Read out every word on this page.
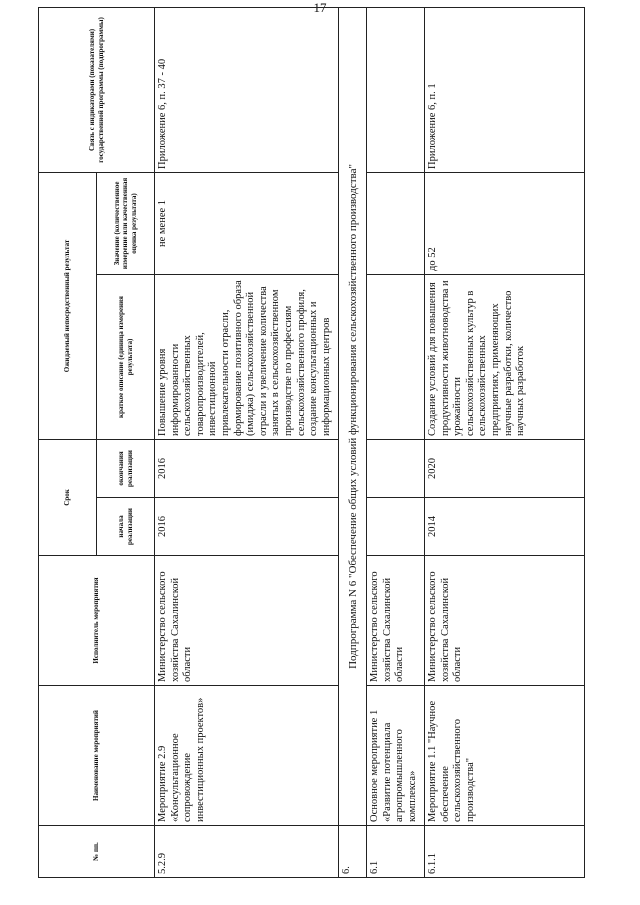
17
№ пп.	Наименование мероприятий	Исполнитель мероприятия	Срок		Ожидаемый непосредственный результат		Связь с индикаторами (показателями) государственной программы (подпрограммы)
			начала реализации	окончания реализации	краткое описание (единица измерения результата)	Значение (количественное измерение или качественная оценка результата)	
5.2.9	Мероприятие 2.9 «Консультационное сопровождение инвестиционных проектов»	Министерство сельского хозяйства Сахалинской области	2016	2016	Повышение уровня информированности сельскохозяйственных товаропроизводителей, инвестиционной привлекательности отрасли, формирование позитивного образа (имиджа) сельскохозяйственной отрасли и увеличение количества занятых в сельскохозяйственном производстве по профессиям сельскохозяйственного профиля, создание консультационных и информационных центров	не менее 1	Приложение 6, п. 37 - 40
6.	Подпрограмма N 6 "Обеспечение общих условий функционирования сельскохозяйственного производства"						
6.1	Основное мероприятие 1 «Развитие потенциала агропромышленного комплекса»	Министерство сельского хозяйства Сахалинской области					
6.1.1	Мероприятие 1.1 "Научное обеспечение сельскохозяйственного производства"	Министерство сельского хозяйства Сахалинской области	2014	2020	Создание условий для повышения продуктивности животноводства и урожайности сельскохозяйственных культур в сельскохозяйственных предприятиях, применяющих научные разработки, количество научных разработок	до 52	Приложение 6, п. 1
